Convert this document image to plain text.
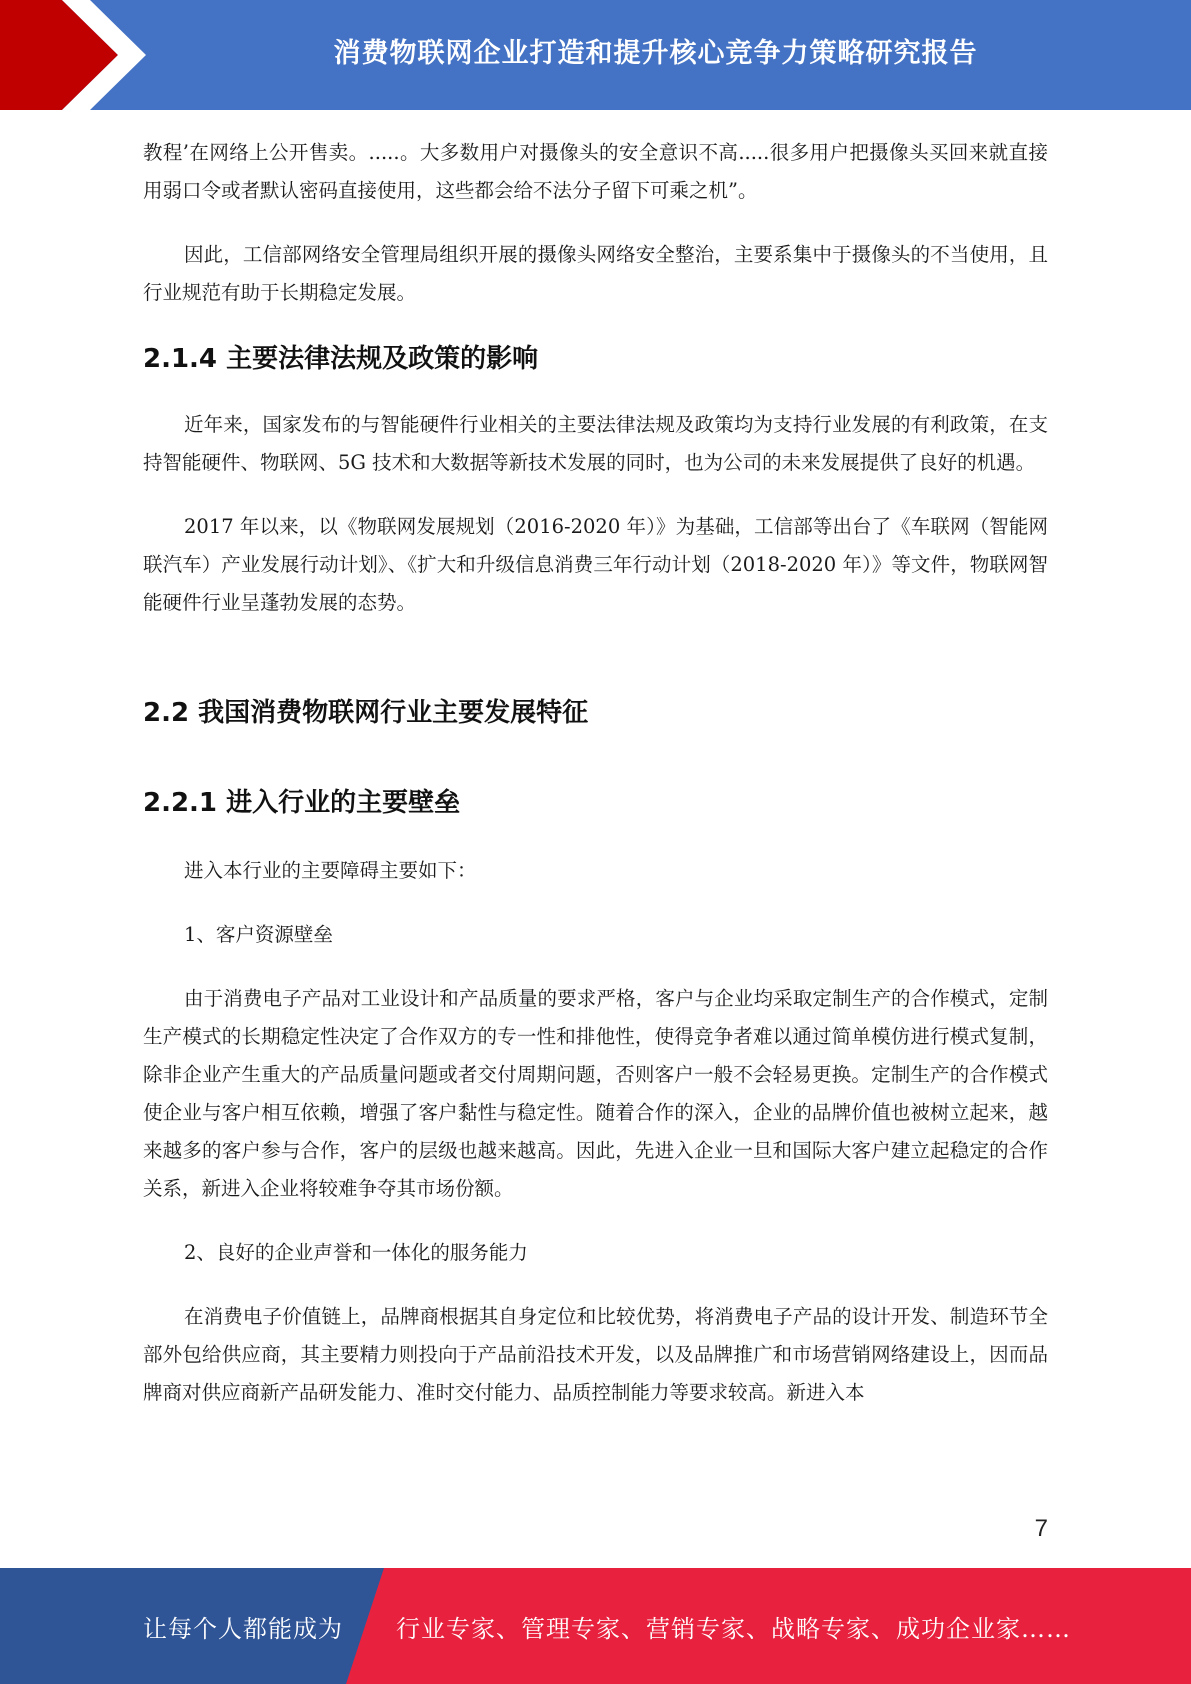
消费物联网企业打造和提升核心竞争力策略研究报告

教程’在网络上公开售卖。.....。大多数用户对摄像头的安全意识不高.....很多用户把摄像头买回来就直接用弱口令或者默认密码直接使用，这些都会给不法分子留下可乘之机”。

因此，工信部网络安全管理局组织开展的摄像头网络安全整治，主要系集中于摄像头的不当使用，且行业规范有助于长期稳定发展。

2.1.4 主要法律法规及政策的影响

近年来，国家发布的与智能硬件行业相关的主要法律法规及政策均为支持行业发展的有利政策，在支持智能硬件、物联网、5G 技术和大数据等新技术发展的同时，也为公司的未来发展提供了良好的机遇。

2017 年以来，以《物联网发展规划（2016-2020 年）》为基础，工信部等出台了《车联网（智能网联汽车）产业发展行动计划》、《扩大和升级信息消费三年行动计划（2018-2020 年）》等文件，物联网智能硬件行业呈蓬勃发展的态势。

2.2 我国消费物联网行业主要发展特征
2.2.1 进入行业的主要壁垒

进入本行业的主要障碍主要如下：

1、客户资源壁垒

由于消费电子产品对工业设计和产品质量的要求严格，客户与企业均采取定制生产的合作模式，定制生产模式的长期稳定性决定了合作双方的专一性和排他性，使得竞争者难以通过简单模仿进行模式复制，除非企业产生重大的产品质量问题或者交付周期问题，否则客户一般不会轻易更换。定制生产的合作模式使企业与客户相互依赖，增强了客户黏性与稳定性。随着合作的深入，企业的品牌价值也被树立起来，越来越多的客户参与合作，客户的层级也越来越高。因此，先进入企业一旦和国际大客户建立起稳定的合作关系，新进入企业将较难争夺其市场份额。

2、良好的企业声誉和一体化的服务能力

在消费电子价值链上，品牌商根据其自身定位和比较优势，将消费电子产品的设计开发、制造环节全部外包给供应商，其主要精力则投向于产品前沿技术开发，以及品牌推广和市场营销网络建设上，因而品牌商对供应商新产品研发能力、准时交付能力、品质控制能力等要求较高。新进入本

7
让每个人都能成为 行业专家、管理专家、营销专家、战略专家、成功企业家……
